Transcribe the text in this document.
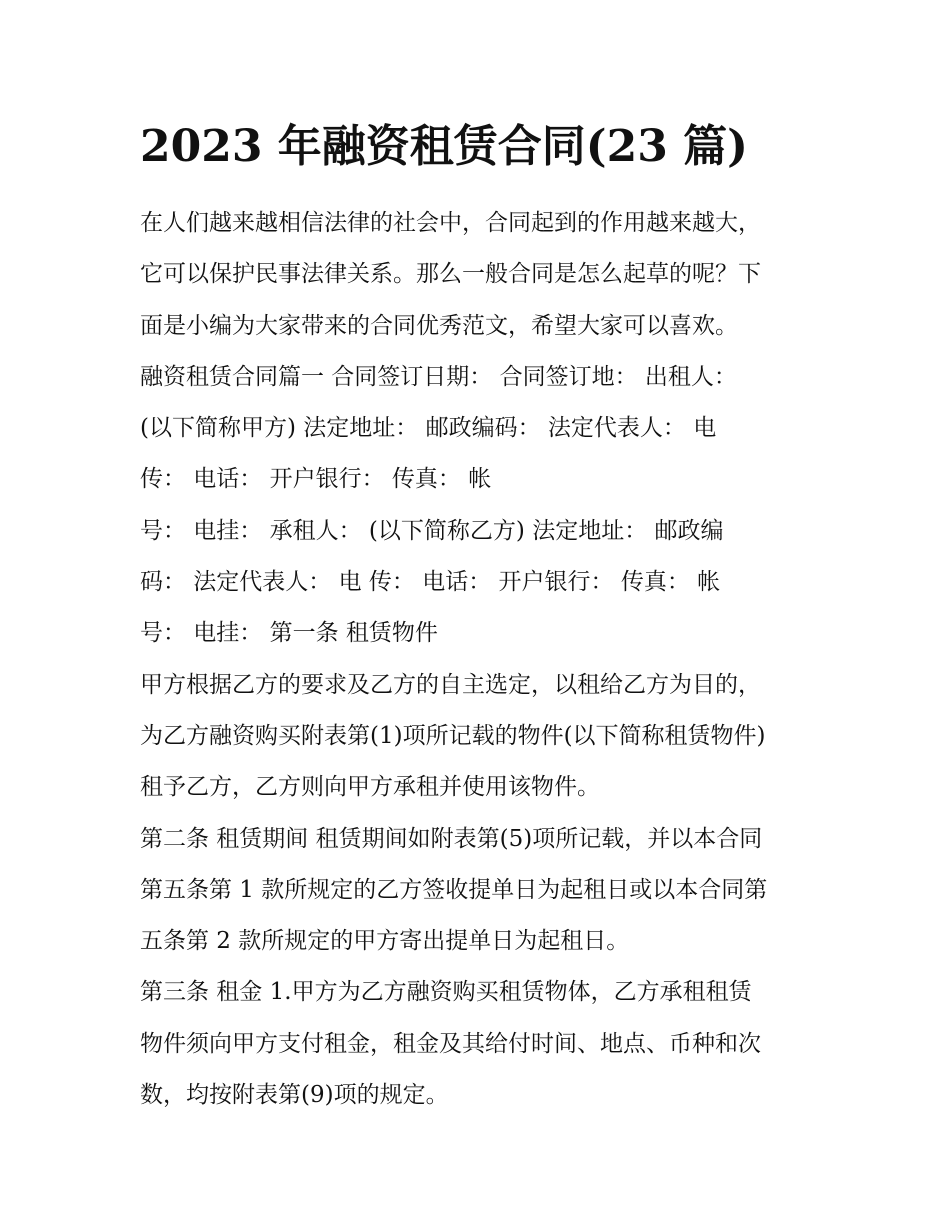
2023 年融资租赁合同(23 篇)
在人们越来越相信法律的社会中，合同起到的作用越来越大，
它可以保护民事法律关系。那么一般合同是怎么起草的呢？下
面是小编为大家带来的合同优秀范文，希望大家可以喜欢。
融资租赁合同篇一 合同签订日期： 合同签订地： 出租人：
(以下简称甲方) 法定地址： 邮政编码： 法定代表人： 电
传： 电话： 开户银行： 传真： 帐
号： 电挂： 承租人： (以下简称乙方) 法定地址： 邮政编
码： 法定代表人： 电 传： 电话： 开户银行： 传真： 帐
号： 电挂： 第一条 租赁物件
甲方根据乙方的要求及乙方的自主选定，以租给乙方为目的，
为乙方融资购买附表第(1)项所记载的物件(以下简称租赁物件)
租予乙方，乙方则向甲方承租并使用该物件。
第二条 租赁期间 租赁期间如附表第(5)项所记载，并以本合同
第五条第 1 款所规定的乙方签收提单日为起租日或以本合同第
五条第 2 款所规定的甲方寄出提单日为起租日。
第三条 租金 1.甲方为乙方融资购买租赁物体，乙方承租租赁
物件须向甲方支付租金，租金及其给付时间、地点、币种和次
数，均按附表第(9)项的规定。
